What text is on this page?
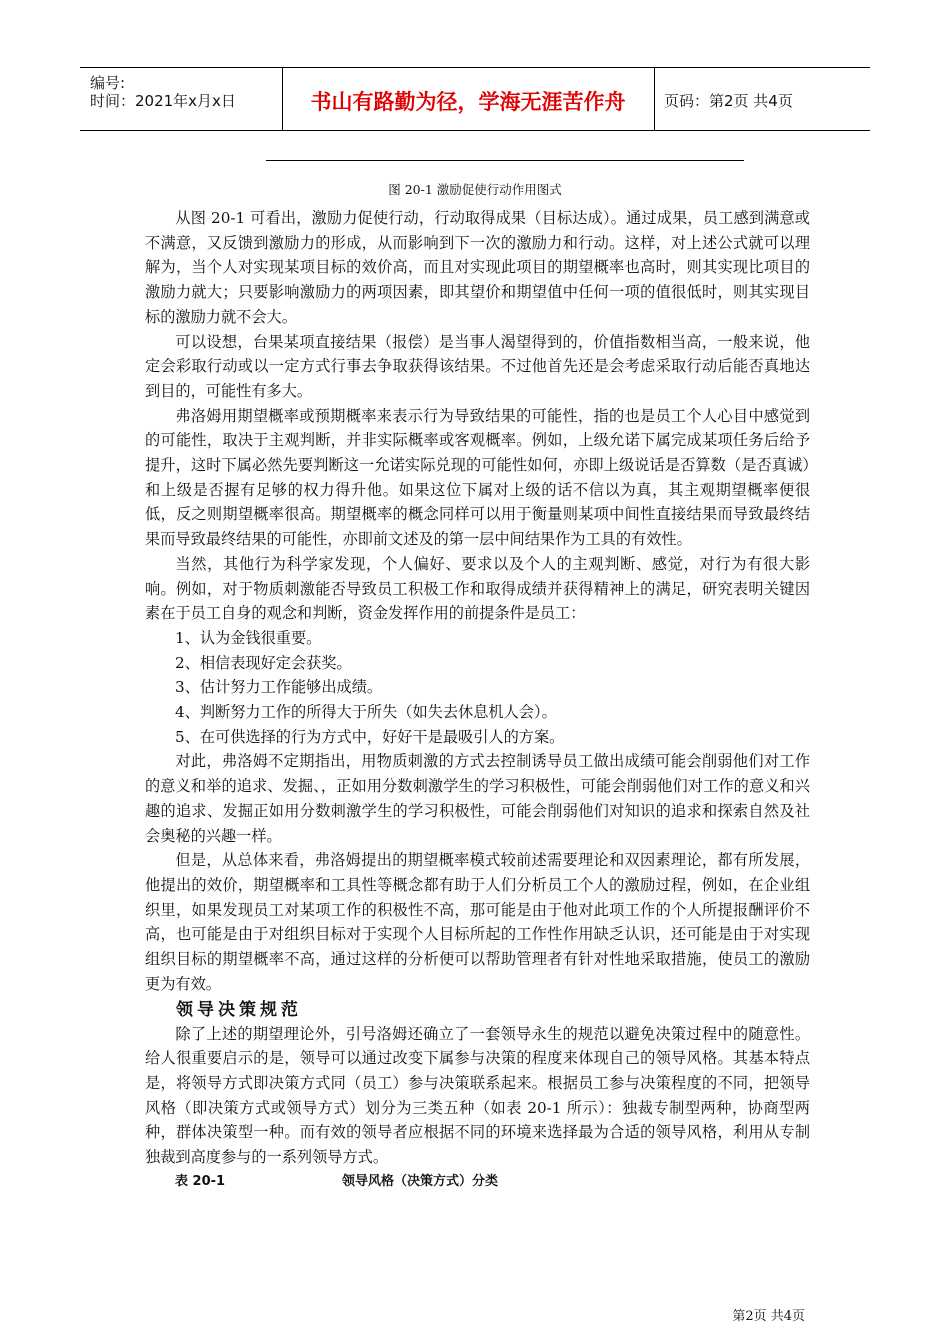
编号:
时间：2021年x月x日	书山有路勤为径，学海无涯苦作舟	页码：第2页 共4页
图 20-1 激励促使行动作用图式

从图 20-1 可看出，激励力促使行动，行动取得成果（目标达成）。通过成果，员工感到满意或不满意，又反馈到激励力的形成，从而影响到下一次的激励力和行动。这样，对上述公式就可以理解为，当个人对实现某项目标的效价高，而且对实现此项目的期望概率也高时，则其实现比项目的激励力就大；只要影响激励力的两项因素，即其望价和期望值中任何一项的值很低时，则其实现目标的激励力就不会大。

可以设想，台果某项直接结果（报偿）是当事人渴望得到的，价值指数相当高，一般来说，他定会彩取行动或以一定方式行事去争取获得该结果。不过他首先还是会考虑采取行动后能否真地达到目的，可能性有多大。

弗洛姆用期望概率或预期概率来表示行为导致结果的可能性，指的也是员工个人心目中感觉到的可能性，取决于主观判断，并非实际概率或客观概率。例如，上级允诺下属完成某项任务后给予提升，这时下属必然先要判断这一允诺实际兑现的可能性如何，亦即上级说话是否算数（是否真诚）和上级是否握有足够的权力得升他。如果这位下属对上级的话不信以为真，其主观期望概率便很低，反之则期望概率很高。期望概率的概念同样可以用于衡量则某项中间性直接结果而导致最终结果而导致最终结果的可能性，亦即前文述及的第一层中间结果作为工具的有效性。

当然，其他行为科学家发现，个人偏好、要求以及个人的主观判断、感觉，对行为有很大影响。例如，对于物质刺激能否导致员工积极工作和取得成绩并获得精神上的满足，研究表明关键因素在于员工自身的观念和判断，资金发挥作用的前提条件是员工：

1、认为金钱很重要。

2、相信表现好定会获奖。

3、估计努力工作能够出成绩。

4、判断努力工作的所得大于所失（如失去休息机人会）。

5、在可供选择的行为方式中，好好干是最吸引人的方案。

对此，弗洛姆不定期指出，用物质刺激的方式去控制诱导员工做出成绩可能会削弱他们对工作的意义和举的追求、发掘、，正如用分数刺激学生的学习积极性，可能会削弱他们对工作的意义和兴趣的追求、发掘正如用分数刺激学生的学习积极性，可能会削弱他们对知识的追求和探索自然及社会奥秘的兴趣一样。

但是，从总体来看，弗洛姆提出的期望概率模式较前述需要理论和双因素理论，都有所发展，他提出的效价，期望概率和工具性等概念都有助于人们分析员工个人的激励过程，例如，在企业组织里，如果发现员工对某项工作的积极性不高，那可能是由于他对此项工作的个人所提报酬评价不高，也可能是由于对组织目标对于实现个人目标所起的工作性作用缺乏认识，还可能是由于对实现组织目标的期望概率不高，通过这样的分析便可以帮助管理者有针对性地采取措施，使员工的激励更为有效。

领导决策规范

除了上述的期望理论外，引号洛姆还确立了一套领导永生的规范以避免决策过程中的随意性。给人很重要启示的是，领导可以通过改变下属参与决策的程度来体现自己的领导风格。其基本特点是，将领导方式即决策方式同（员工）参与决策联系起来。根据员工参与决策程度的不同，把领导风格（即决策方式或领导方式）划分为三类五种（如表 20-1 所示）：独裁专制型两种，协商型两种，群体决策型一种。而有效的领导者应根据不同的环境来选择最为合适的领导风格，利用从专制独裁到高度参与的一系列领导方式。

表 20-1	领导风格（决策方式）分类
第2页 共4页
